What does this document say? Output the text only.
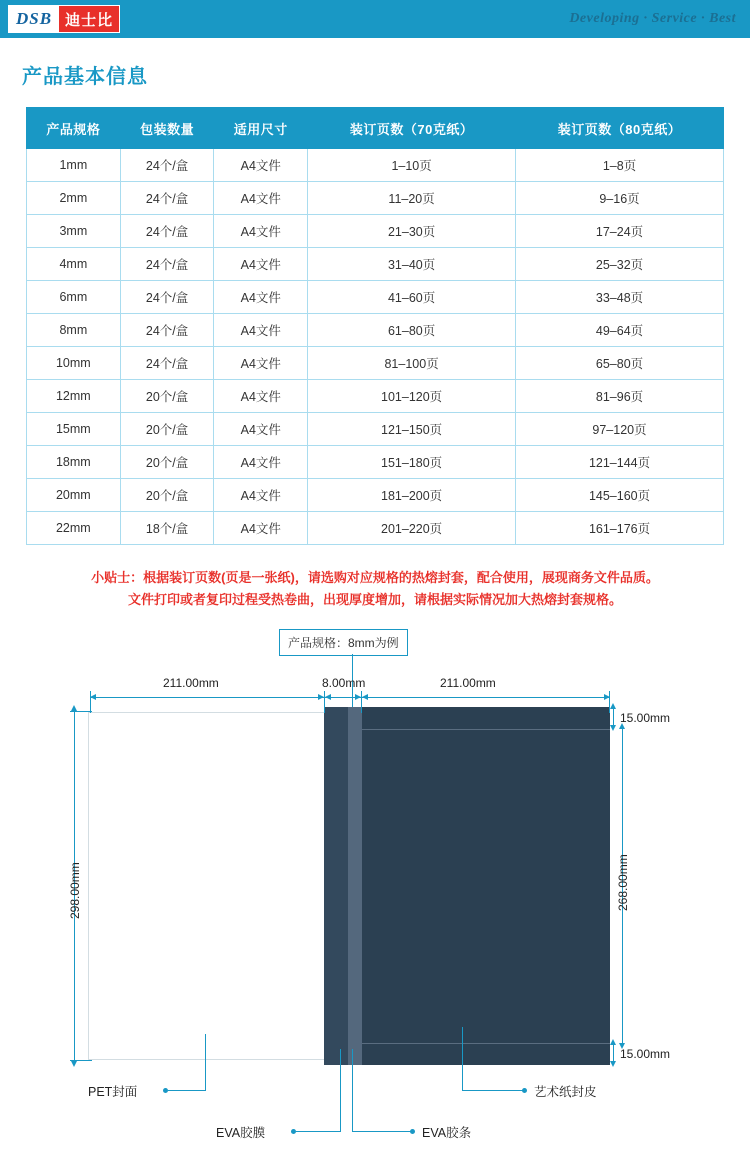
DSB 迪士比	Developing · Service · Best
产品基本信息
产品规格	包装数量	适用尺寸	装订页数（70克纸）	装订页数（80克纸）
1mm	24个/盒	A4文件	1–10页	1–8页
2mm	24个/盒	A4文件	11–20页	9–16页
3mm	24个/盒	A4文件	21–30页	17–24页
4mm	24个/盒	A4文件	31–40页	25–32页
6mm	24个/盒	A4文件	41–60页	33–48页
8mm	24个/盒	A4文件	61–80页	49–64页
10mm	24个/盒	A4文件	81–100页	65–80页
12mm	20个/盒	A4文件	101–120页	81–96页
15mm	20个/盒	A4文件	121–150页	97–120页
18mm	20个/盒	A4文件	151–180页	121–144页
20mm	20个/盒	A4文件	181–200页	145–160页
22mm	18个/盒	A4文件	201–220页	161–176页
小贴士：根据装订页数(页是一张纸)，请选购对应规格的热熔封套，配合使用，展现商务文件品质。
文件打印或者复印过程受热卷曲，出现厚度增加，请根据实际情况加大热熔封套规格。
产品规格：8mm为例
211.00mm	8.00mm	211.00mm
298.00mm	268.00mm
15.00mm
15.00mm
PET封面
EVA胶膜	EVA胶条
艺术纸封皮
